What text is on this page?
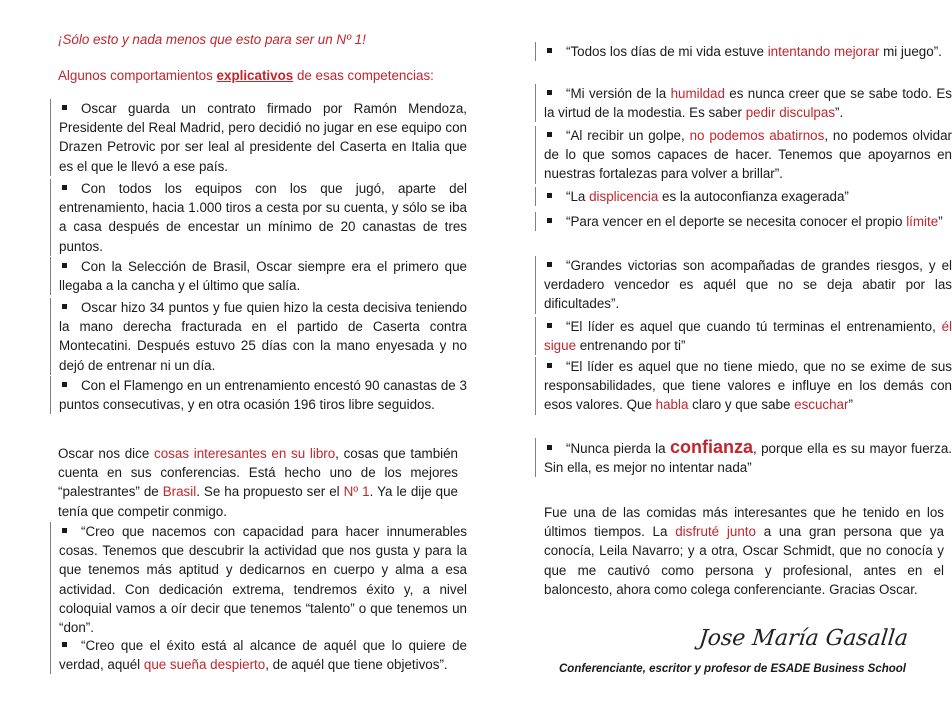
¡Sólo esto y nada menos que esto para ser un Nº 1!
Algunos comportamientos explicativos de esas competencias:
Oscar guarda un contrato firmado por Ramón Mendoza, Presidente del Real Madrid, pero decidió no jugar en ese equipo con Drazen Petrovic por ser leal al presidente del Caserta en Italia que es el que le llevó a ese país.
Con todos los equipos con los que jugó, aparte del entrenamiento, hacia 1.000 tiros a cesta por su cuenta, y sólo se iba a casa después de encestar un mínimo de 20 canastas de tres puntos.
Con la Selección de Brasil, Oscar siempre era el primero que llegaba a la cancha y el último que salía.
Oscar hizo 34 puntos y fue quien hizo la cesta decisiva teniendo la mano derecha fracturada en el partido de Caserta contra Montecatini. Después estuvo 25 días con la mano enyesada y no dejó de entrenar ni un día.
Con el Flamengo en un entrenamiento encestó 90 canastas de 3 puntos consecutivas, y en otra ocasión 196 tiros libre seguidos.
Oscar nos dice cosas interesantes en su libro, cosas que también cuenta en sus conferencias. Está hecho uno de los mejores “palestrantes” de Brasil. Se ha propuesto ser el Nº 1. Ya le dije que tenía que competir conmigo.
“Creo que nacemos con capacidad para hacer innumerables cosas. Tenemos que descubrir la actividad que nos gusta y para la que tenemos más aptitud y dedicarnos en cuerpo y alma a esa actividad. Con dedicación extrema, tendremos éxito y, a nivel coloquial vamos a oír decir que tenemos “talento” o que tenemos un “don”.
“Creo que el éxito está al alcance de aquél que lo quiere de verdad, aquél que sueña despierto, de aquél que tiene objetivos”.
“Todos los días de mi vida estuve intentando mejorar mi juego”.
“Mi versión de la humildad es nunca creer que se sabe todo. Es la virtud de la modestia. Es saber pedir disculpas”.
“Al recibir un golpe, no podemos abatirnos, no podemos olvidar de lo que somos capaces de hacer. Tenemos que apoyarnos en nuestras fortalezas para volver a brillar”.
“La displicencia es la autoconfianza exagerada”
“Para vencer en el deporte se necesita conocer el propio límite”
“Grandes victorias son acompañadas de grandes riesgos, y el verdadero vencedor es aquél que no se deja abatir por las dificultades”.
“El líder es aquel que cuando tú terminas el entrenamiento, él sigue entrenando por ti”
“El líder es aquel que no tiene miedo, que no se exime de sus responsabilidades, que tiene valores e influye en los demás con esos valores. Que habla claro y que sabe escuchar”
“Nunca pierda la confianza, porque ella es su mayor fuerza. Sin ella, es mejor no intentar nada”
Fue una de las comidas más interesantes que he tenido en los últimos tiempos. La disfruté junto a una gran persona que ya conocía, Leila Navarro; y a otra, Oscar Schmidt, que no conocía y que me cautivó como persona y profesional, antes en el baloncesto, ahora como colega conferenciante. Gracias Oscar.
Jose María Gasalla
Conferenciante, escritor y profesor de ESADE Business School
